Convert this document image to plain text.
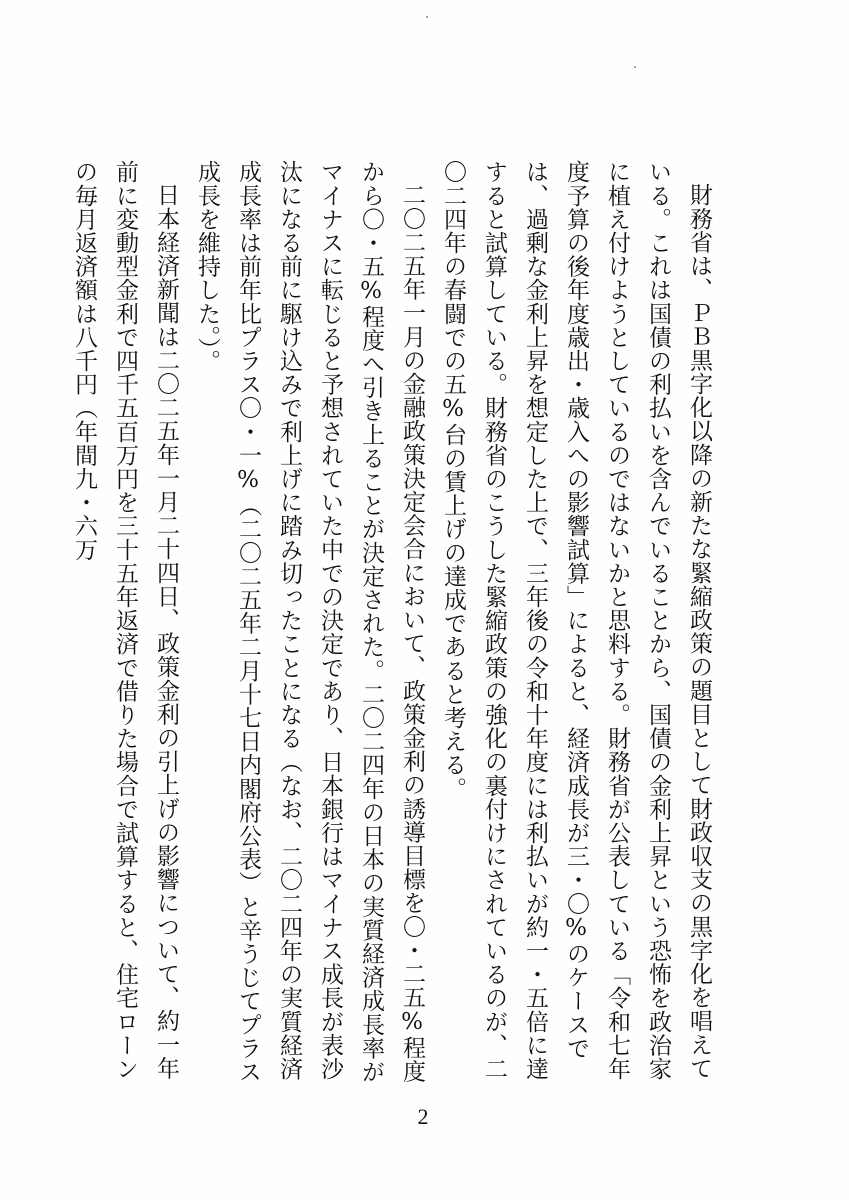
財務省は、ＰＢ黒字化以降の新たな緊縮政策の題目として財政収支の黒字化を唱えている。これは国債の利払いを含んでいることから、国債の金利上昇という恐怖を政治家に植え付けようとしているのではないかと思料する。財務省が公表している「令和七年度予算の後年度歳出・歳入への影響試算」によると、経済成長が三・〇%のケースでは、過剰な金利上昇を想定した上で、三年後の令和十年度には利払いが約一・五倍に達すると試算している。財務省のこうした緊縮政策の強化の裏付けにされているのが、二〇二四年の春闘での五%台の賃上げの達成であると考える。

二〇二五年一月の金融政策決定会合において、政策金利の誘導目標を〇・二五%程度から〇・五%程度へ引き上ることが決定された。二〇二四年の日本の実質経済成長率がマイナスに転じると予想されていた中での決定であり、日本銀行はマイナス成長が表沙汰になる前に駆け込みで利上げに踏み切ったことになる（なお、二〇二四年の実質経済成長率は前年比プラス〇・一%（二〇二五年二月十七日内閣府公表）と辛うじてプラス成長を維持した。）。

日本経済新聞は二〇二五年一月二十四日、政策金利の引上げの影響について、約一年前に変動型金利で四千五百万円を三十五年返済で借りた場合で試算すると、住宅ローンの毎月返済額は八千円（年間九・六万

2
